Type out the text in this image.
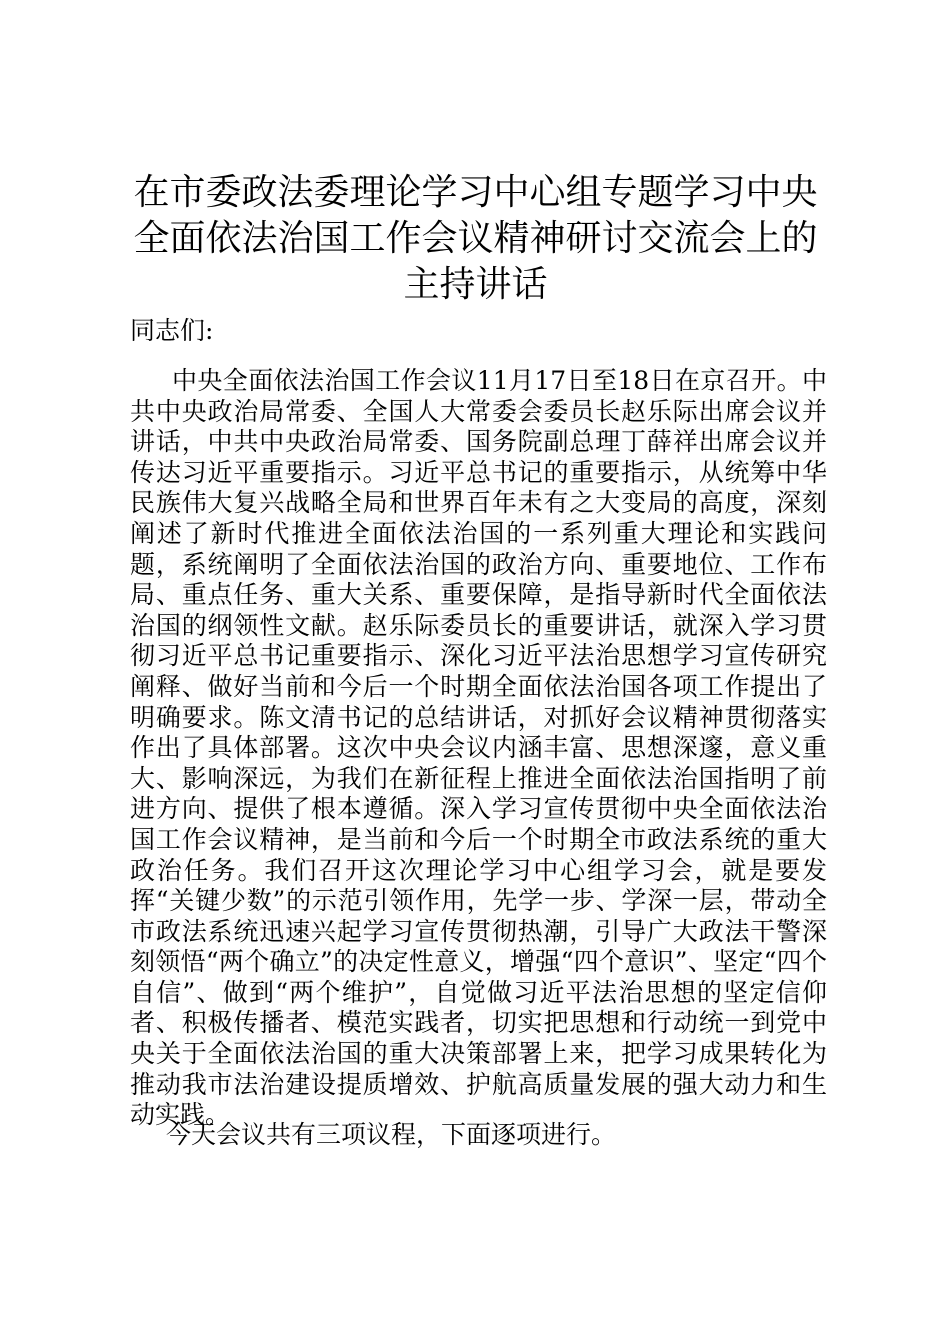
在市委政法委理论学习中心组专题学习中央全面依法治国工作会议精神研讨交流会上的主持讲话

同志们:

中央全面依法治国工作会议11月17日至18日在京召开。中共中央政治局常委、全国人大常委会委员长赵乐际出席会议并讲话，中共中央政治局常委、国务院副总理丁薛祥出席会议并传达习近平重要指示。习近平总书记的重要指示，从统筹中华民族伟大复兴战略全局和世界百年未有之大变局的高度，深刻阐述了新时代推进全面依法治国的一系列重大理论和实践问题，系统阐明了全面依法治国的政治方向、重要地位、工作布局、重点任务、重大关系、重要保障，是指导新时代全面依法治国的纲领性文献。赵乐际委员长的重要讲话，就深入学习贯彻习近平总书记重要指示、深化习近平法治思想学习宣传研究阐释、做好当前和今后一个时期全面依法治国各项工作提出了明确要求。陈文清书记的总结讲话，对抓好会议精神贯彻落实作出了具体部署。这次中央会议内涵丰富、思想深邃，意义重大、影响深远，为我们在新征程上推进全面依法治国指明了前进方向、提供了根本遵循。深入学习宣传贯彻中央全面依法治国工作会议精神，是当前和今后一个时期全市政法系统的重大政治任务。我们召开这次理论学习中心组学习会，就是要发挥“关键少数”的示范引领作用，先学一步、学深一层，带动全市政法系统迅速兴起学习宣传贯彻热潮，引导广大政法干警深刻领悟“两个确立”的决定性意义，增强“四个意识”、坚定“四个自信”、做到“两个维护”，自觉做习近平法治思想的坚定信仰者、积极传播者、模范实践者，切实把思想和行动统一到党中央关于全面依法治国的重大决策部署上来，把学习成果转化为推动我市法治建设提质增效、护航高质量发展的强大动力和生动实践。

今天会议共有三项议程，下面逐项进行。
